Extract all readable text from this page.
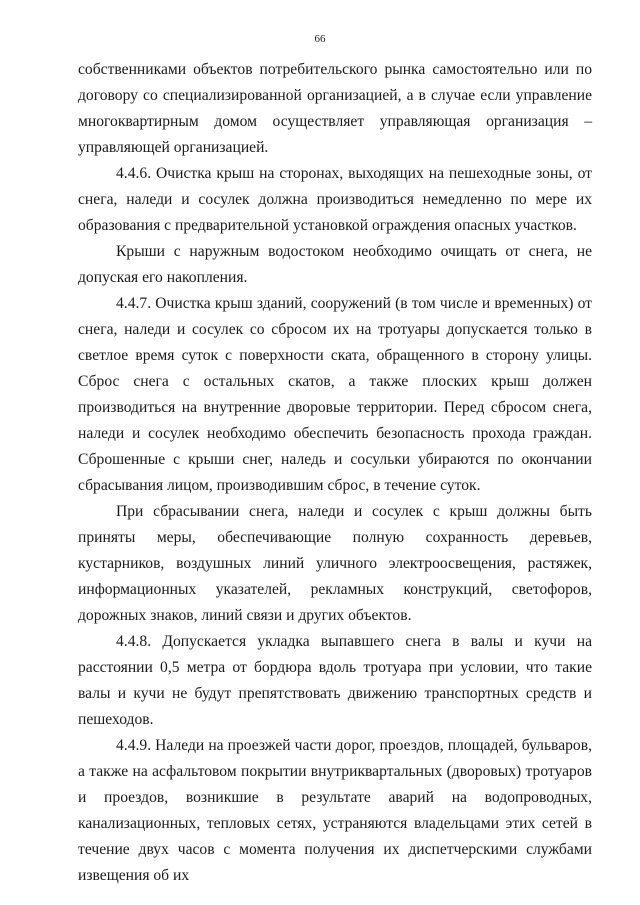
66

собственниками объектов потребительского рынка самостоятельно или по договору со специализированной организацией, а в случае если управление многоквартирным домом осуществляет управляющая организация – управляющей организацией.

4.4.6. Очистка крыш на сторонах, выходящих на пешеходные зоны, от снега, наледи и сосулек должна производиться немедленно по мере их образования с предварительной установкой ограждения опасных участков.

Крыши с наружным водостоком необходимо очищать от снега, не допуская его накопления.

4.4.7. Очистка крыш зданий, сооружений (в том числе и временных) от снега, наледи и сосулек со сбросом их на тротуары допускается только в светлое время суток с поверхности ската, обращенного в сторону улицы. Сброс снега с остальных скатов, а также плоских крыш должен производиться на внутренние дворовые территории. Перед сбросом снега, наледи и сосулек необходимо обеспечить безопасность прохода граждан. Сброшенные с крыши снег, наледь и сосульки убираются по окончании сбрасывания лицом, производившим сброс, в течение суток.

При сбрасывании снега, наледи и сосулек с крыш должны быть приняты меры, обеспечивающие полную сохранность деревьев, кустарников, воздушных линий уличного электроосвещения, растяжек, информационных указателей, рекламных конструкций, светофоров, дорожных знаков, линий связи и других объектов.

4.4.8. Допускается укладка выпавшего снега в валы и кучи на расстоянии 0,5 метра от бордюра вдоль тротуара при условии, что такие валы и кучи не будут препятствовать движению транспортных средств и пешеходов.

4.4.9. Наледи на проезжей части дорог, проездов, площадей, бульваров, а также на асфальтовом покрытии внутриквартальных (дворовых) тротуаров и проездов, возникшие в результате аварий на водопроводных, канализационных, тепловых сетях, устраняются владельцами этих сетей в течение двух часов с момента получения их диспетчерскими службами извещения об их
